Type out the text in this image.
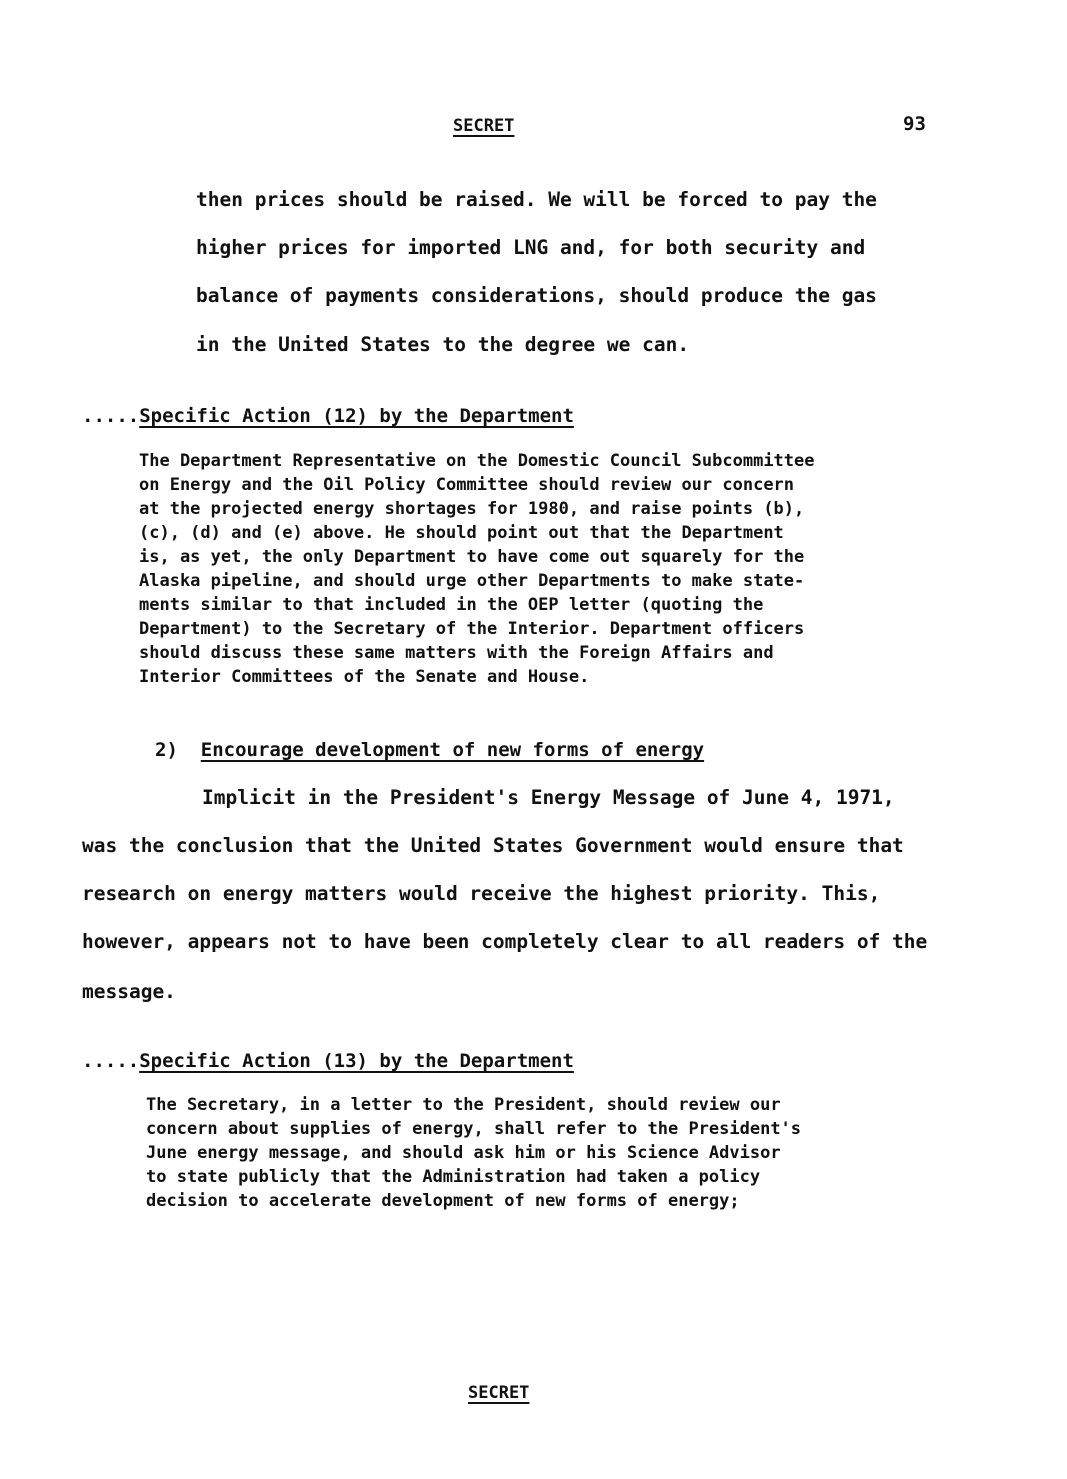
SECRET	93
then prices should be raised. We will be forced to pay the
higher prices for imported LNG and, for both security and
balance of payments considerations, should produce the gas
in the United States to the degree we can.
.....Specific Action (12) by the Department
The Department Representative on the Domestic Council Subcommittee
on Energy and the Oil Policy Committee should review our concern
at the projected energy shortages for 1980, and raise points (b),
(c), (d) and (e) above. He should point out that the Department
is, as yet, the only Department to have come out squarely for the
Alaska pipeline, and should urge other Departments to make state-
ments similar to that included in the OEP letter (quoting the
Department) to the Secretary of the Interior. Department officers
should discuss these same matters with the Foreign Affairs and
Interior Committees of the Senate and House.
2) Encourage development of new forms of energy
Implicit in the President's Energy Message of June 4, 1971,
was the conclusion that the United States Government would ensure that
research on energy matters would receive the highest priority. This,
however, appears not to have been completely clear to all readers of the
message.
.....Specific Action (13) by the Department
The Secretary, in a letter to the President, should review our
concern about supplies of energy, shall refer to the President's
June energy message, and should ask him or his Science Advisor
to state publicly that the Administration had taken a policy
decision to accelerate development of new forms of energy;
SECRET
